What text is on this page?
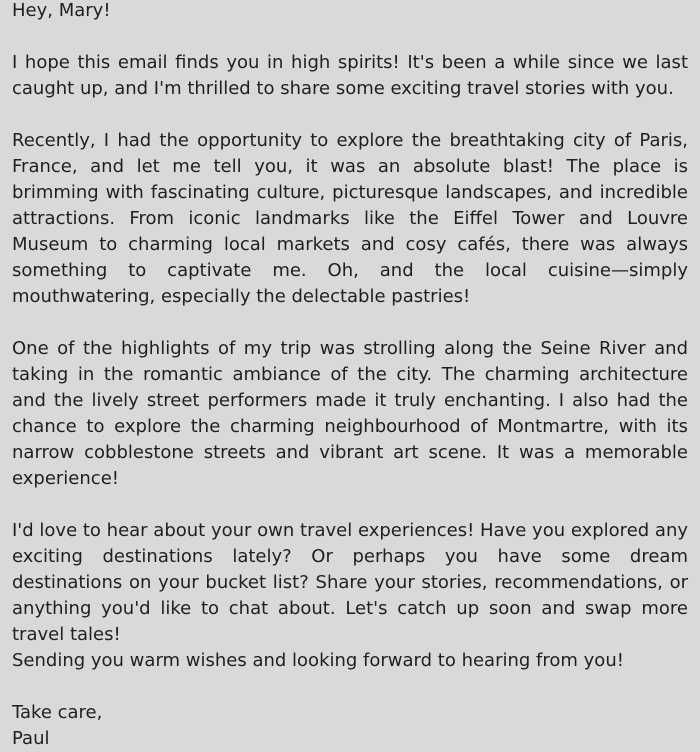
Hey, Mary!

I hope this email finds you in high spirits! It's been a while since we last caught up, and I'm thrilled to share some exciting travel stories with you.

Recently, I had the opportunity to explore the breathtaking city of Paris, France, and let me tell you, it was an absolute blast! The place is brimming with fascinating culture, picturesque landscapes, and incredible attractions. From iconic landmarks like the Eiffel Tower and Louvre Museum to charming local markets and cosy cafés, there was always something to captivate me. Oh, and the local cuisine—simply mouthwatering, especially the delectable pastries!

One of the highlights of my trip was strolling along the Seine River and taking in the romantic ambiance of the city. The charming architecture and the lively street performers made it truly enchanting. I also had the chance to explore the charming neighbourhood of Montmartre, with its narrow cobblestone streets and vibrant art scene. It was a memorable experience!

I'd love to hear about your own travel experiences! Have you explored any exciting destinations lately? Or perhaps you have some dream destinations on your bucket list? Share your stories, recommendations, or anything you'd like to chat about. Let's catch up soon and swap more travel tales!

Sending you warm wishes and looking forward to hearing from you!

Take care,

Paul
